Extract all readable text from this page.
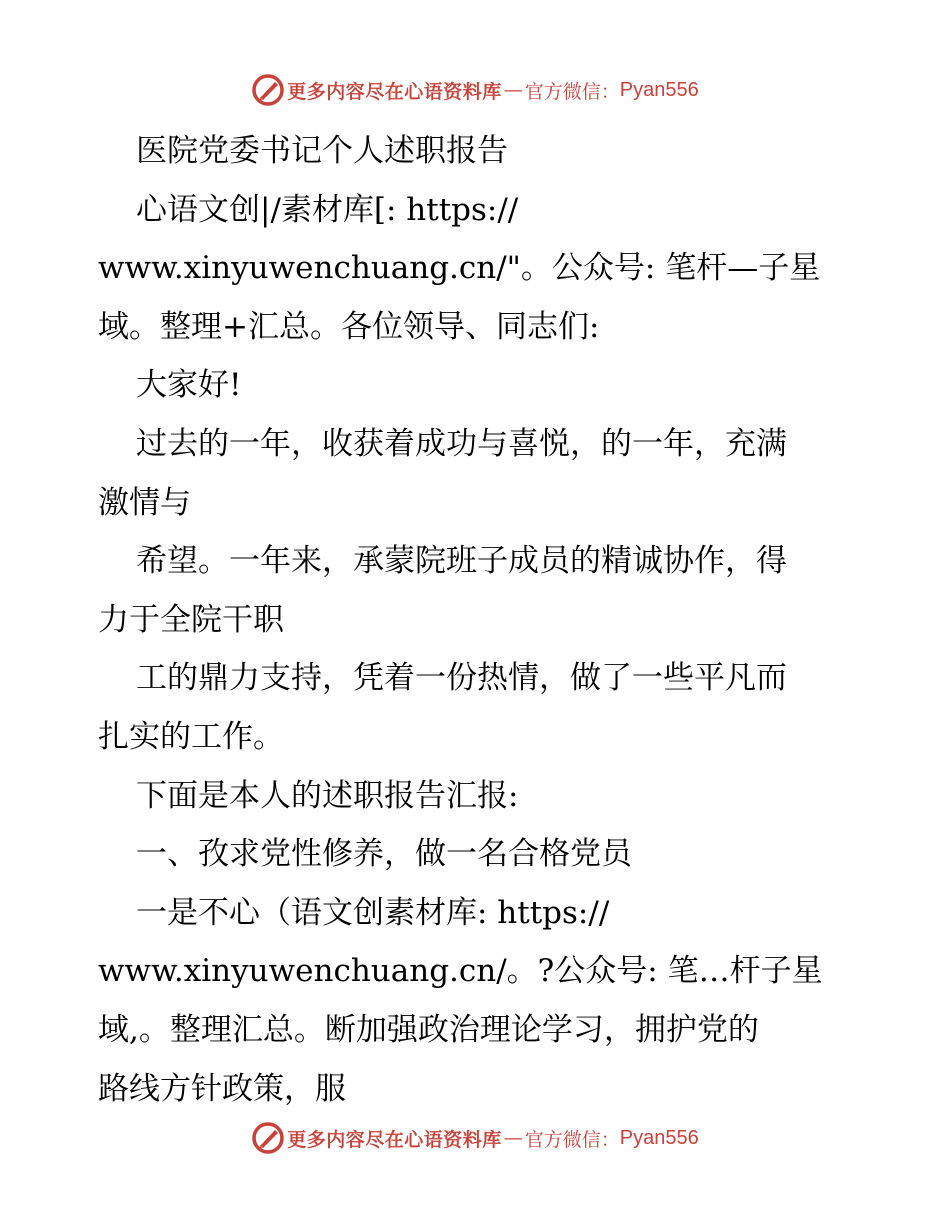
更多内容尽在心语资料库 — 官方微信： Pyan556

医院党委书记个人述职报告

心语文创|/素材库[: https://

www.xinyuwenchuang.cn/"。公众号: 笔杆—子星

域。整理+汇总。各位领导、同志们:

大家好!

过去的一年，收获着成功与喜悦，的一年，充满

激情与

希望。一年来，承蒙院班子成员的精诚协作，得

力于全院干职

工的鼎力支持，凭着一份热情，做了一些平凡而

扎实的工作。

下面是本人的述职报告汇报:

一、孜求党性修养，做一名合格党员

一是不心（语文创素材库: https://

www.xinyuwenchuang.cn/。?公众号: 笔…杆子星

域,。整理汇总。断加强政治理论学习，拥护党的

路线方针政策，服

更多内容尽在心语资料库 — 官方微信： Pyan556
